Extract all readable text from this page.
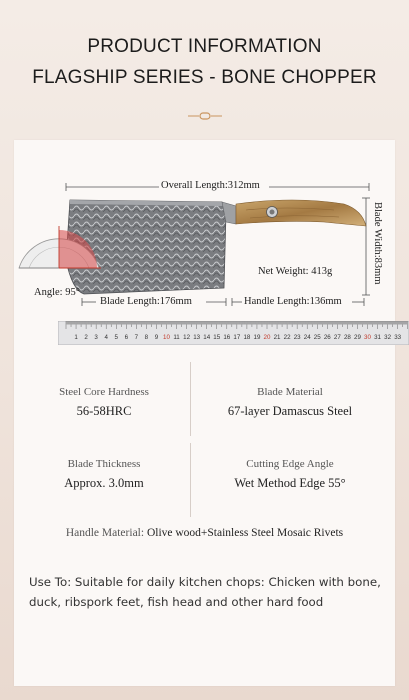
PRODUCT INFORMATION
FLAGSHIP SERIES - BONE CHOPPER
Overall Length:312mm
Blade Width:83mm
Net Weight: 413g
Angle: 95°
Blade Length:176mm	Handle Length:136mm
1 2 3 4 5 6 7 8 9 10 11 12 13 14 15 16 17 18 19 20 21 22 23 24 25 26 27 28 29 30 31 32 33
Steel Core Hardness
56-58HRC
Blade Material
67-layer Damascus Steel
Blade Thickness
Approx. 3.0mm
Cutting Edge Angle
Wet Method Edge 55°
Handle Material: Olive wood+Stainless Steel Mosaic Rivets
Use To: Suitable for daily kitchen chops: Chicken with bone, duck, ribspork feet, fish head and other hard food
